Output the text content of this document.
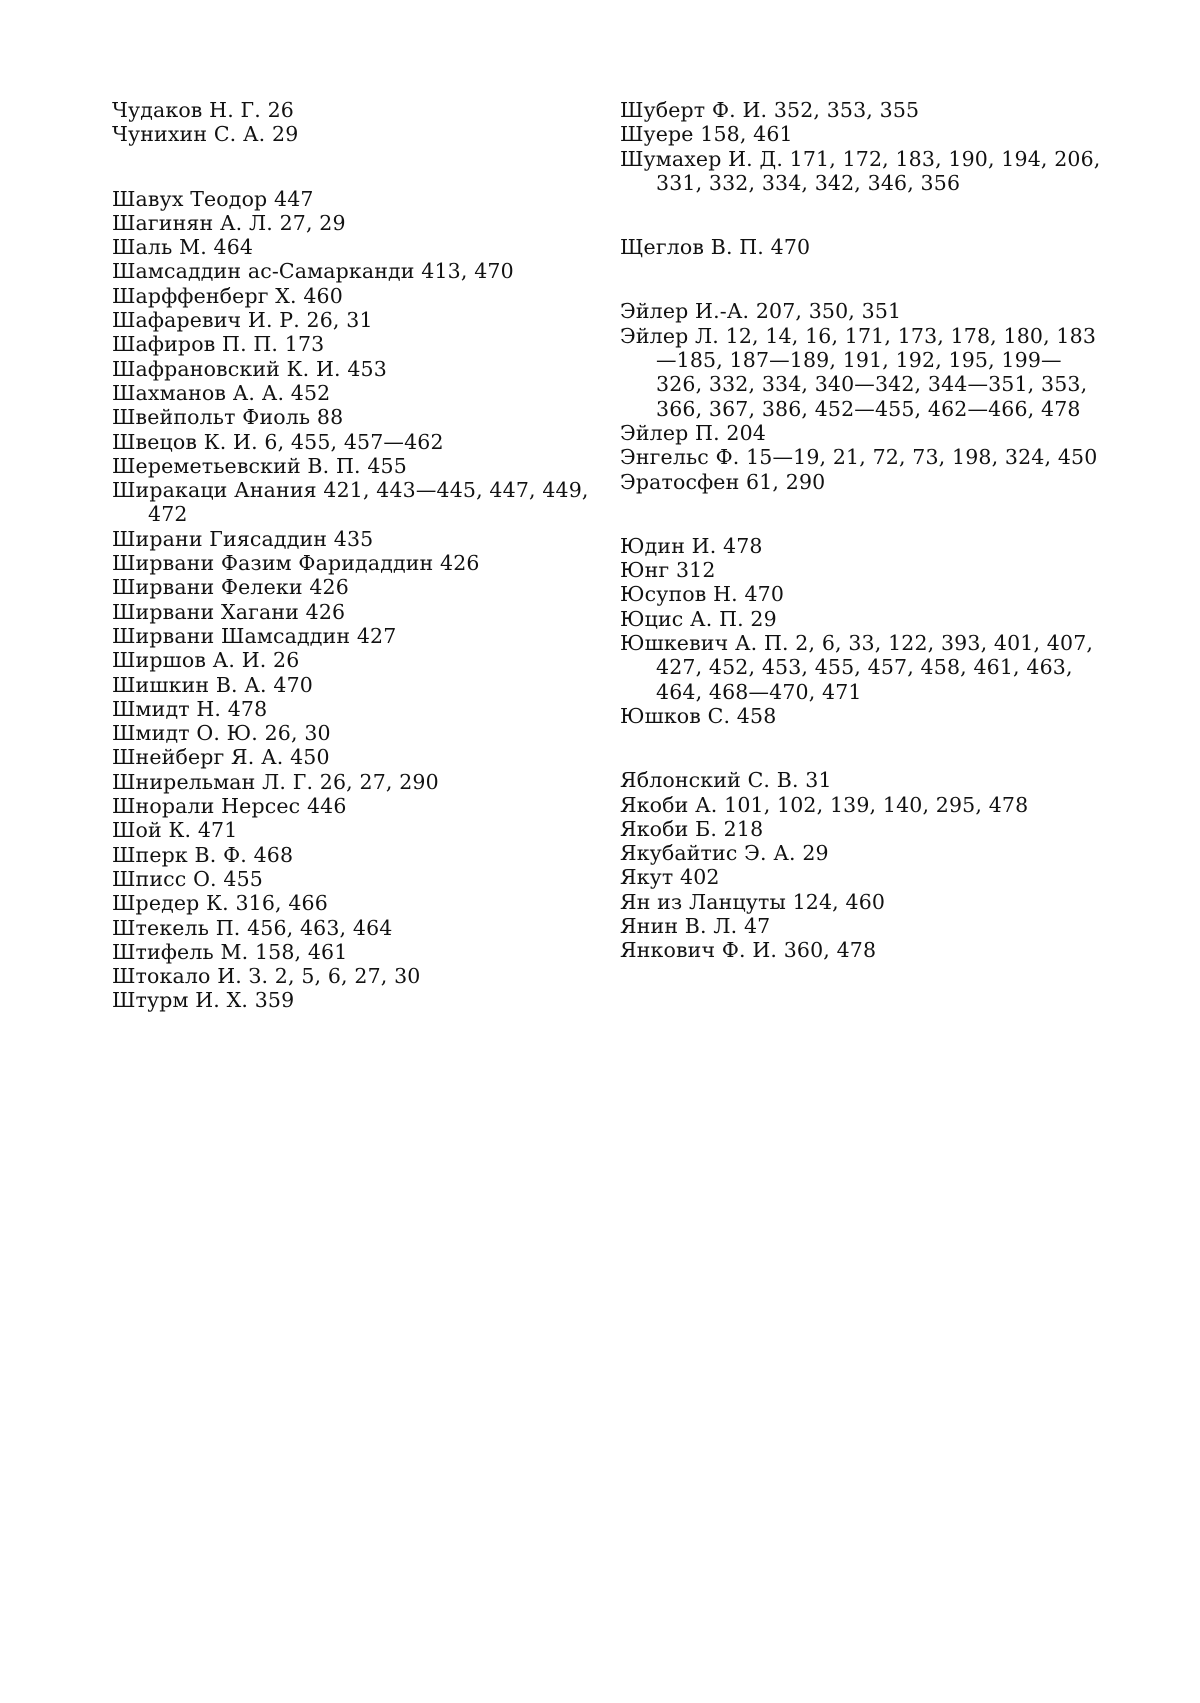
Чудаков Н. Г. 26
Чунихин С. А. 29
Шавух Теодор 447
Шагинян А. Л. 27, 29
Шаль М. 464
Шамсаддин ас-Самарканди 413, 470
Шарффенберг Х. 460
Шафаревич И. Р. 26, 31
Шафиров П. П. 173
Шафрановский К. И. 453
Шахманов А. А. 452
Швейпольт Фиоль 88
Швецов К. И. 6, 455, 457—462
Шереметьевский В. П. 455
Ширакаци Анания 421, 443—445, 447, 449, 472
Ширани Гиясаддин 435
Ширвани Фазим Фаридаддин 426
Ширвани Фелеки 426
Ширвани Хагани 426
Ширвани Шамсаддин 427
Ширшов А. И. 26
Шишкин В. А. 470
Шмидт Н. 478
Шмидт О. Ю. 26, 30
Шнейберг Я. А. 450
Шнирельман Л. Г. 26, 27, 290
Шнорали Нерсес 446
Шой К. 471
Шперк В. Ф. 468
Шписс О. 455
Шредер К. 316, 466
Штекель П. 456, 463, 464
Штифель М. 158, 461
Штокало И. З. 2, 5, 6, 27, 30
Штурм И. Х. 359
Шуберт Ф. И. 352, 353, 355
Шуере 158, 461
Шумахер И. Д. 171, 172, 183, 190, 194, 206, 331, 332, 334, 342, 346, 356
Щеглов В. П. 470
Эйлер И.-А. 207, 350, 351
Эйлер Л. 12, 14, 16, 171, 173, 178, 180, 183—185, 187—189, 191, 192, 195, 199—326, 332, 334, 340—342, 344—351, 353, 366, 367, 386, 452—455, 462—466, 478
Эйлер П. 204
Энгельс Ф. 15—19, 21, 72, 73, 198, 324, 450
Эратосфен 61, 290
Юдин И. 478
Юнг 312
Юсупов Н. 470
Юцис А. П. 29
Юшкевич А. П. 2, 6, 33, 122, 393, 401, 407, 427, 452, 453, 455, 457, 458, 461, 463, 464, 468—470, 471
Юшков С. 458
Яблонский С. В. 31
Якоби А. 101, 102, 139, 140, 295, 478
Якоби Б. 218
Якубайтис Э. А. 29
Якут 402
Ян из Ланцуты 124, 460
Янин В. Л. 47
Янкович Ф. И. 360, 478
